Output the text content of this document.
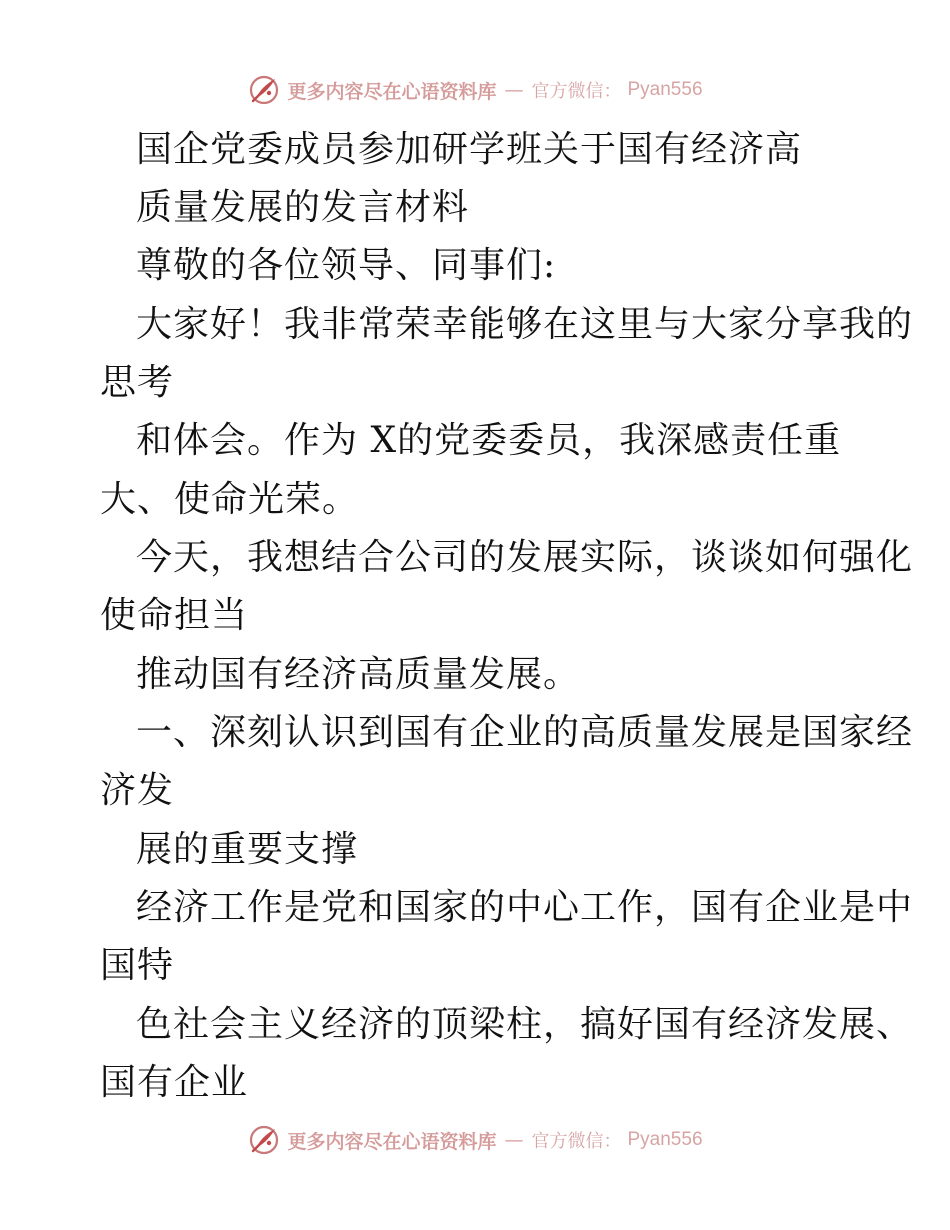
更多内容尽在心语资料库 — 官方微信： Pyan556
国企党委成员参加研学班关于国有经济高
质量发展的发言材料
尊敬的各位领导、同事们:
大家好！我非常荣幸能够在这里与大家分享我的
思考
和体会。作为 X的党委委员，我深感责任重
大、使命光荣。
今天，我想结合公司的发展实际，谈谈如何强化
使命担当
推动国有经济高质量发展。
一、深刻认识到国有企业的高质量发展是国家经
济发
展的重要支撑
经济工作是党和国家的中心工作，国有企业是中
国特
色社会主义经济的顶梁柱，搞好国有经济发展、
国有企业
更多内容尽在心语资料库 — 官方微信： Pyan556
